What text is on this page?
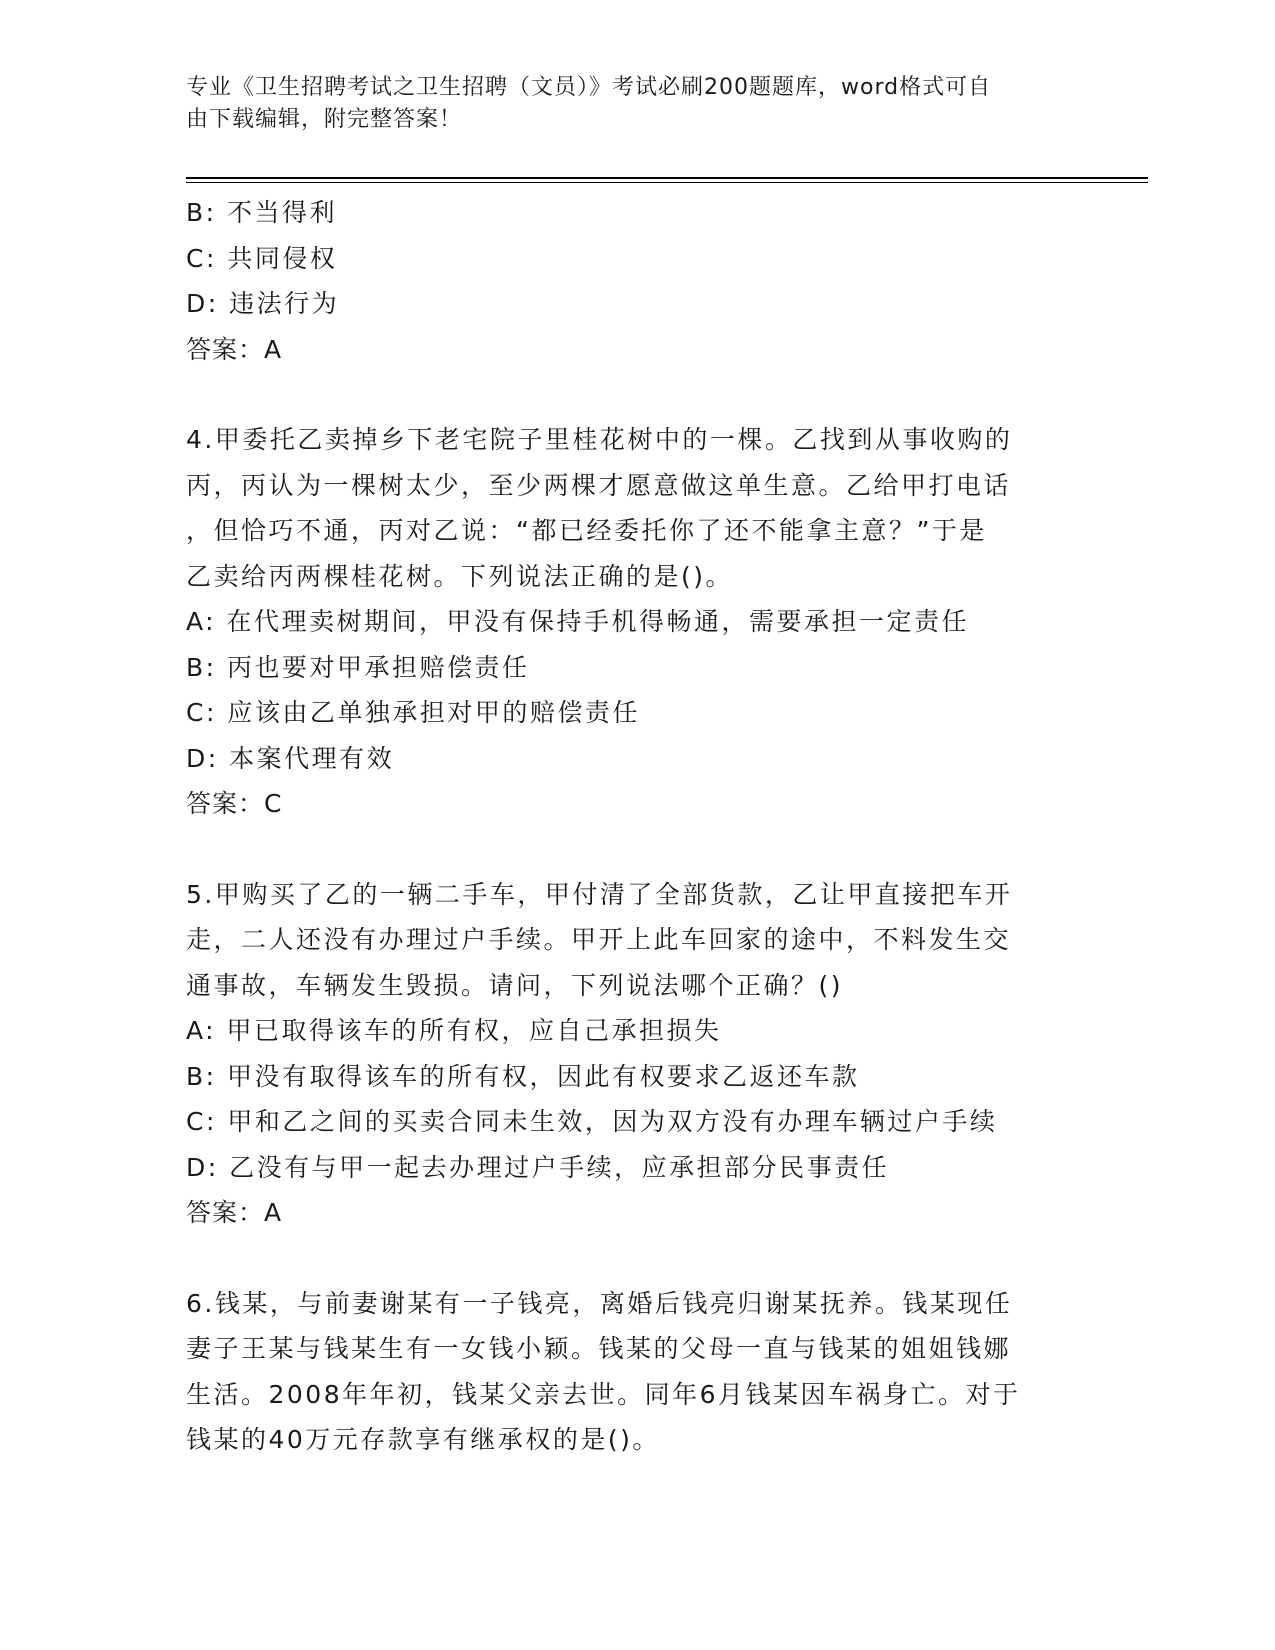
专业《卫生招聘考试之卫生招聘（文员）》考试必刷200题题库，word格式可自
由下载编辑，附完整答案！
B: 不当得利
C: 共同侵权
D: 违法行为
答案：A
4.甲委托乙卖掉乡下老宅院子里桂花树中的一棵。乙找到从事收购的
丙，丙认为一棵树太少，至少两棵才愿意做这单生意。乙给甲打电话
，但恰巧不通，丙对乙说：“都已经委托你了还不能拿主意？”于是
乙卖给丙两棵桂花树。下列说法正确的是()。
A: 在代理卖树期间，甲没有保持手机得畅通，需要承担一定责任
B: 丙也要对甲承担赔偿责任
C: 应该由乙单独承担对甲的赔偿责任
D: 本案代理有效
答案：C
5.甲购买了乙的一辆二手车，甲付清了全部货款，乙让甲直接把车开
走，二人还没有办理过户手续。甲开上此车回家的途中，不料发生交
通事故，车辆发生毁损。请问，下列说法哪个正确？()
A: 甲已取得该车的所有权，应自己承担损失
B: 甲没有取得该车的所有权，因此有权要求乙返还车款
C: 甲和乙之间的买卖合同未生效，因为双方没有办理车辆过户手续
D: 乙没有与甲一起去办理过户手续，应承担部分民事责任
答案：A
6.钱某，与前妻谢某有一子钱亮，离婚后钱亮归谢某抚养。钱某现任
妻子王某与钱某生有一女钱小颖。钱某的父母一直与钱某的姐姐钱娜
生活。2008年年初，钱某父亲去世。同年6月钱某因车祸身亡。对于
钱某的40万元存款享有继承权的是()。
